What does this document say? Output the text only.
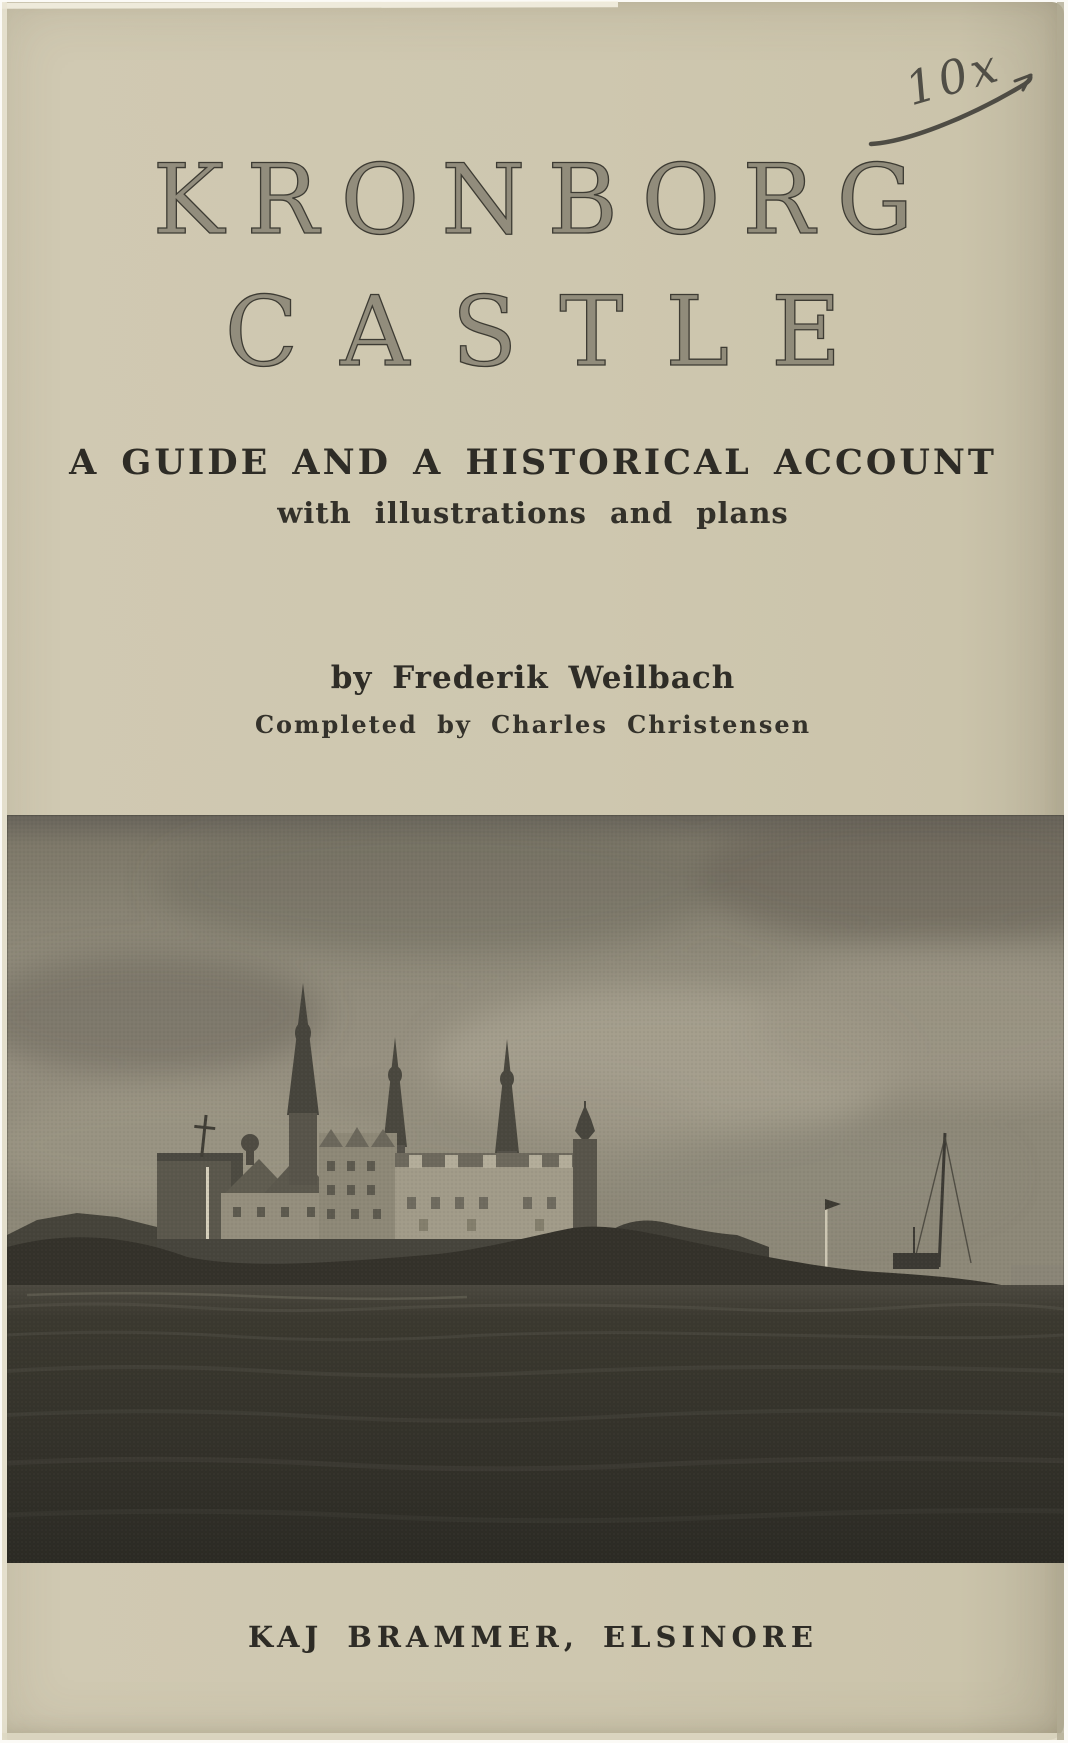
10x
KRONBORG
CASTLE
A GUIDE AND A HISTORICAL ACCOUNT
with illustrations and plans
by Frederik Weilbach
Completed by Charles Christensen
KAJ BRAMMER, ELSINORE
